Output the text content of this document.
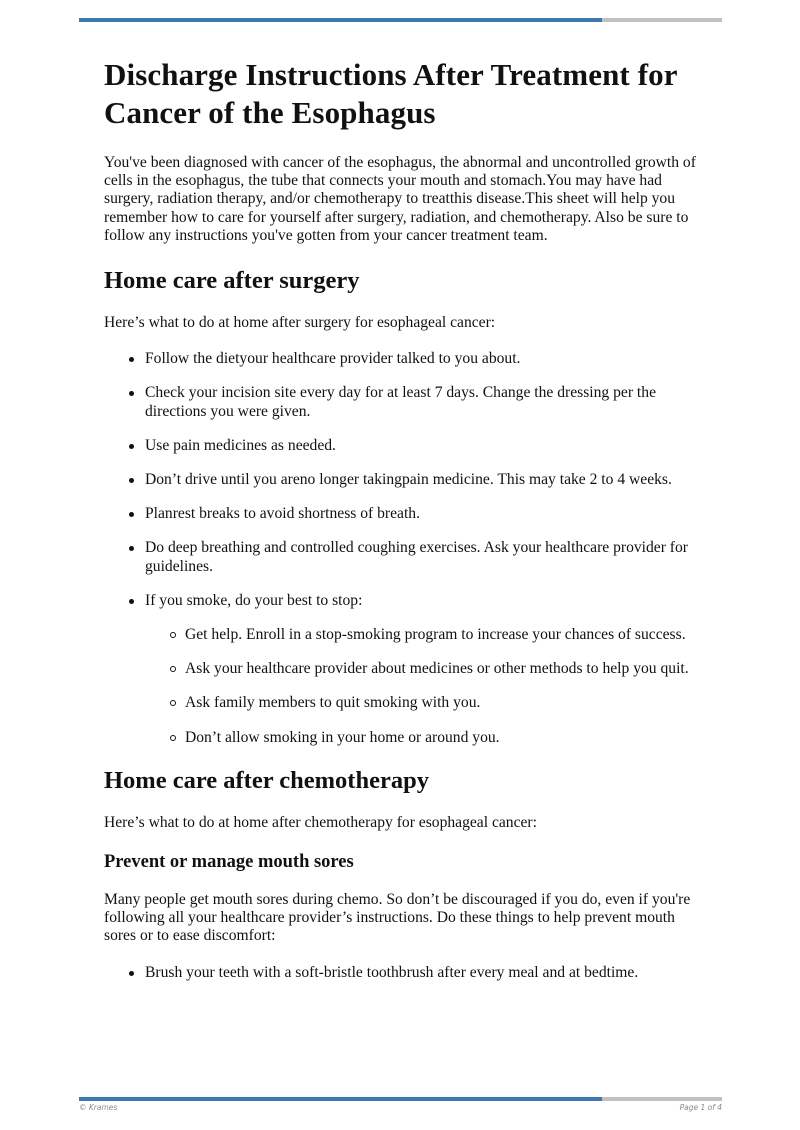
Discharge Instructions After Treatment for Cancer of the Esophagus

You've been diagnosed with cancer of the esophagus, the abnormal and uncontrolled growth of cells in the esophagus, the tube that connects your mouth and stomach.You may have had surgery, radiation therapy, and/or chemotherapy to treatthis disease.This sheet will help you remember how to care for yourself after surgery, radiation, and chemotherapy. Also be sure to follow any instructions you've gotten from your cancer treatment team.

Home care after surgery

Here’s what to do at home after surgery for esophageal cancer:

Follow the dietyour healthcare provider talked to you about.
Check your incision site every day for at least 7 days. Change the dressing per the directions you were given.
Use pain medicines as needed.
Don’t drive until you areno longer takingpain medicine. This may take 2 to 4 weeks.
Planrest breaks to avoid shortness of breath.
Do deep breathing and controlled coughing exercises. Ask your healthcare provider for guidelines.
If you smoke, do your best to stop:
Get help. Enroll in a stop-smoking program to increase your chances of success.
Ask your healthcare provider about medicines or other methods to help you quit.
Ask family members to quit smoking with you.
Don’t allow smoking in your home or around you.
Home care after chemotherapy

Here’s what to do at home after chemotherapy for esophageal cancer:

Prevent or manage mouth sores

Many people get mouth sores during chemo. So don’t be discouraged if you do, even if you're following all your healthcare provider’s instructions. Do these things to help prevent mouth sores or to ease discomfort:

Brush your teeth with a soft-bristle toothbrush after every meal and at bedtime.
© Krames	Page 1 of 4
